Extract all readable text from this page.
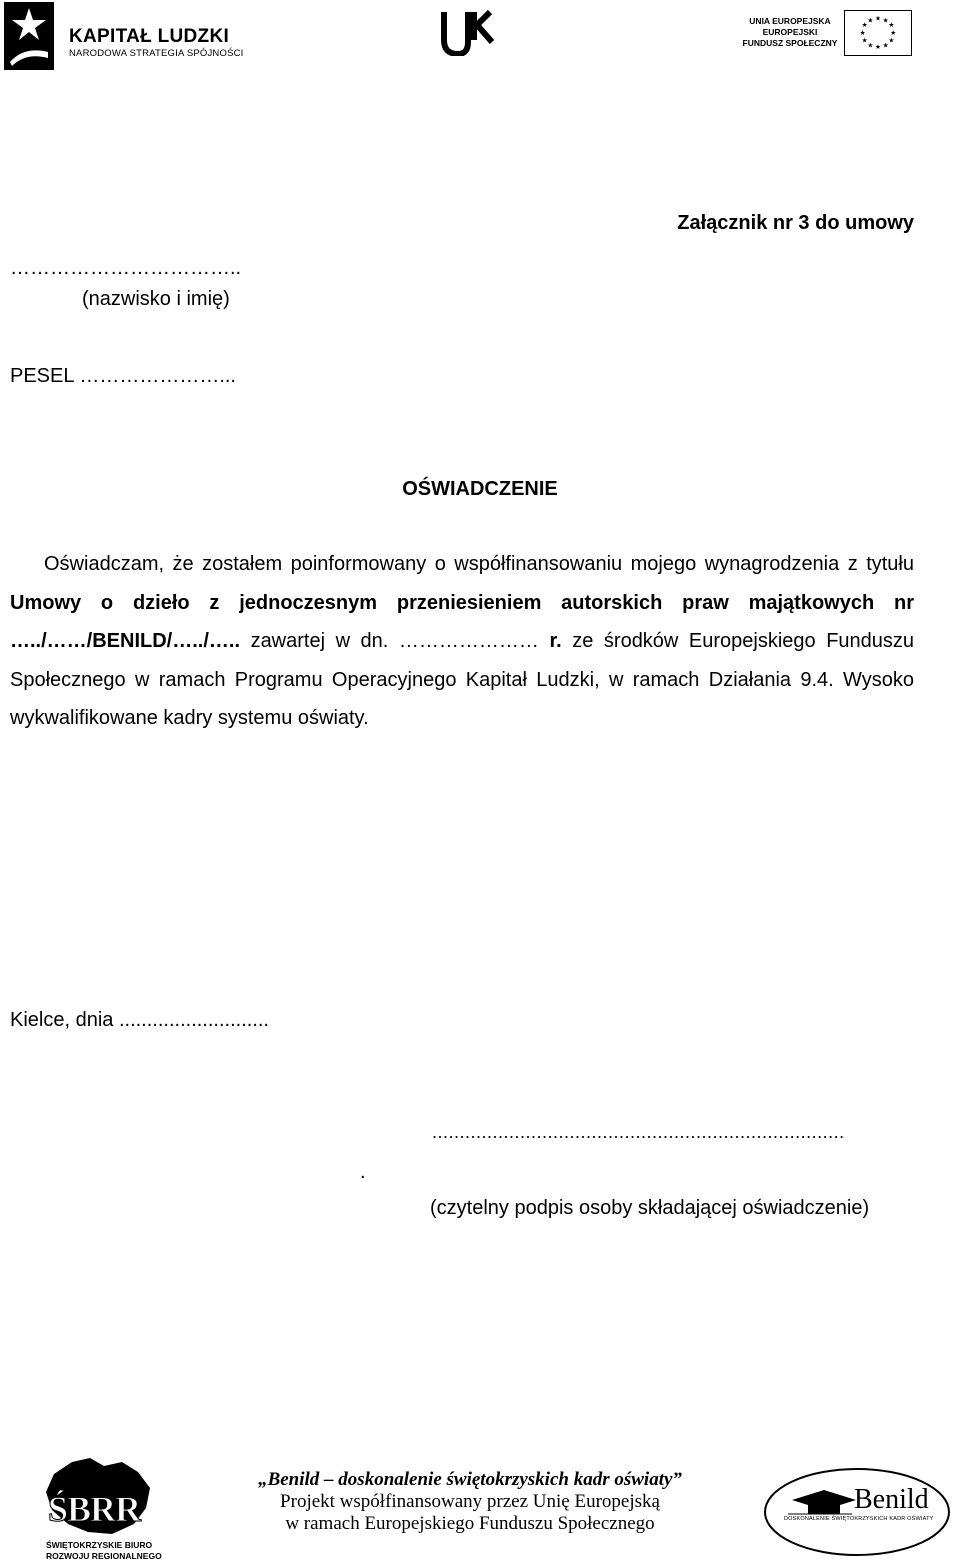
KAPITAŁ LUDZKI
NARODOWA STRATEGIA SPÓJNOŚCI
UNIA EUROPEJSKA
EUROPEJSKI
FUNDUSZ SPOŁECZNY
★ ★
★
★
★
★
★
★
★
★
★
★
Załącznik nr 3 do umowy
……………………………..
(nazwisko i imię)
PESEL …………………...
OŚWIADCZENIE
Oświadczam, że zostałem poinformowany o współfinansowaniu mojego wynagrodzenia z tytułu Umowy o dzieło z jednoczesnym przeniesieniem autorskich praw majątkowych nr …../……/BENILD/…../….. zawartej w dn. ………………… r. ze środków Europejskiego Funduszu Społecznego w ramach Programu Operacyjnego Kapitał Ludzki, w ramach Działania 9.4. Wysoko wykwalifikowane kadry systemu oświaty.
Kielce, dnia ...........................
...........................................................................
.
(czytelny podpis osoby składającej oświadczenie)
ŚBRR
ŚWIĘTOKRZYSKIE BIURO
ROZWOJU REGIONALNEGO
„Benild – doskonalenie świętokrzyskich kadr oświaty”
Projekt współfinansowany przez Unię Europejską
w ramach Europejskiego Funduszu Społecznego
Benild
DOSKONALENIE ŚWIĘTOKRZYSKICH KADR OŚWIATY
